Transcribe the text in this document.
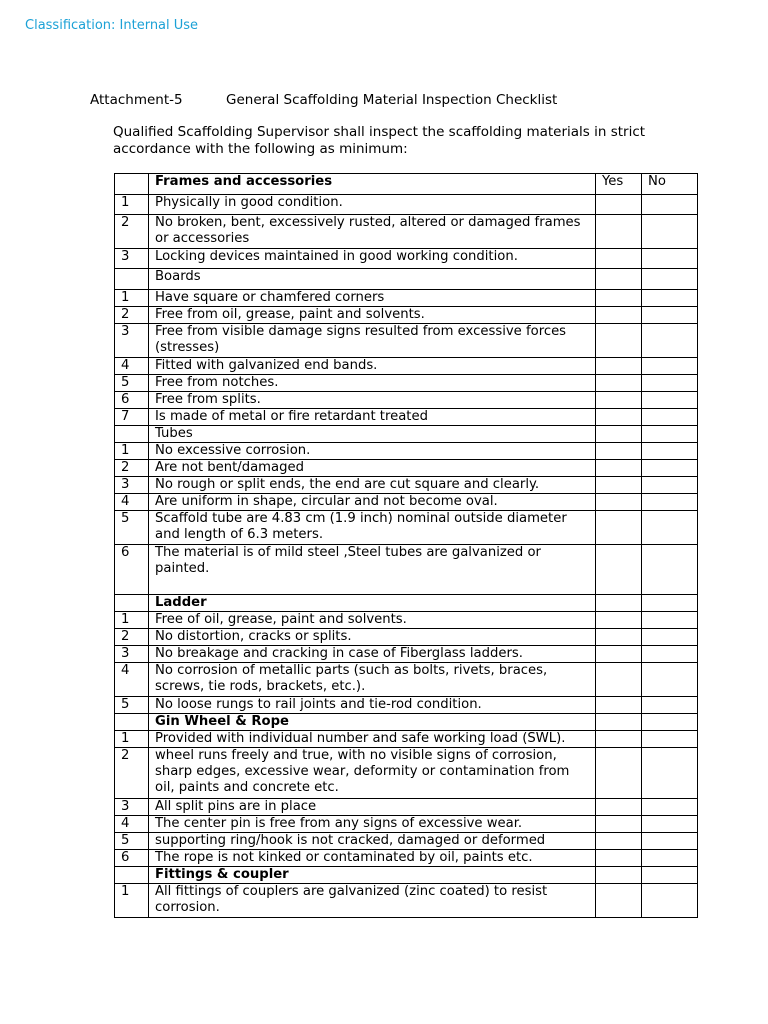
Classification: Internal Use
Attachment-5	General Scaffolding Material Inspection Checklist
Qualified Scaffolding Supervisor shall inspect the scaffolding materials in strict accordance with the following as minimum:
	Frames and accessories	Yes	No
1	Physically in good condition.		
2	No broken, bent, excessively rusted, altered or damaged frames or accessories		
3	Locking devices maintained in good working condition.		
	Boards		
1	Have square or chamfered corners		
2	Free from oil, grease, paint and solvents.		
3	Free from visible damage signs resulted from excessive forces (stresses)		
4	Fitted with galvanized end bands.		
5	Free from notches.		
6	Free from splits.		
7	Is made of metal or fire retardant treated		
	Tubes		
1	No excessive corrosion.		
2	Are not bent/damaged		
3	No rough or split ends, the end are cut square and clearly.		
4	Are uniform in shape, circular and not become oval.		
5	Scaffold tube are 4.83 cm (1.9 inch) nominal outside diameter and length of 6.3 meters.		
6	The material is of mild steel ,Steel tubes are galvanized or painted.		
	Ladder		
1	Free of oil, grease, paint and solvents.		
2	No distortion, cracks or splits.		
3	No breakage and cracking in case of Fiberglass ladders.		
4	No corrosion of metallic parts (such as bolts, rivets, braces, screws, tie rods, brackets, etc.).		
5	No loose rungs to rail joints and tie-rod condition.		
	Gin Wheel & Rope		
1	Provided with individual number and safe working load (SWL).		
2	wheel runs freely and true, with no visible signs of corrosion, sharp edges, excessive wear, deformity or contamination from oil, paints and concrete etc.		
3	All split pins are in place		
4	The center pin is free from any signs of excessive wear.		
5	supporting ring/hook is not cracked, damaged or deformed		
6	The rope is not kinked or contaminated by oil, paints etc.		
	Fittings & coupler		
1	All fittings of couplers are galvanized (zinc coated) to resist corrosion.		
